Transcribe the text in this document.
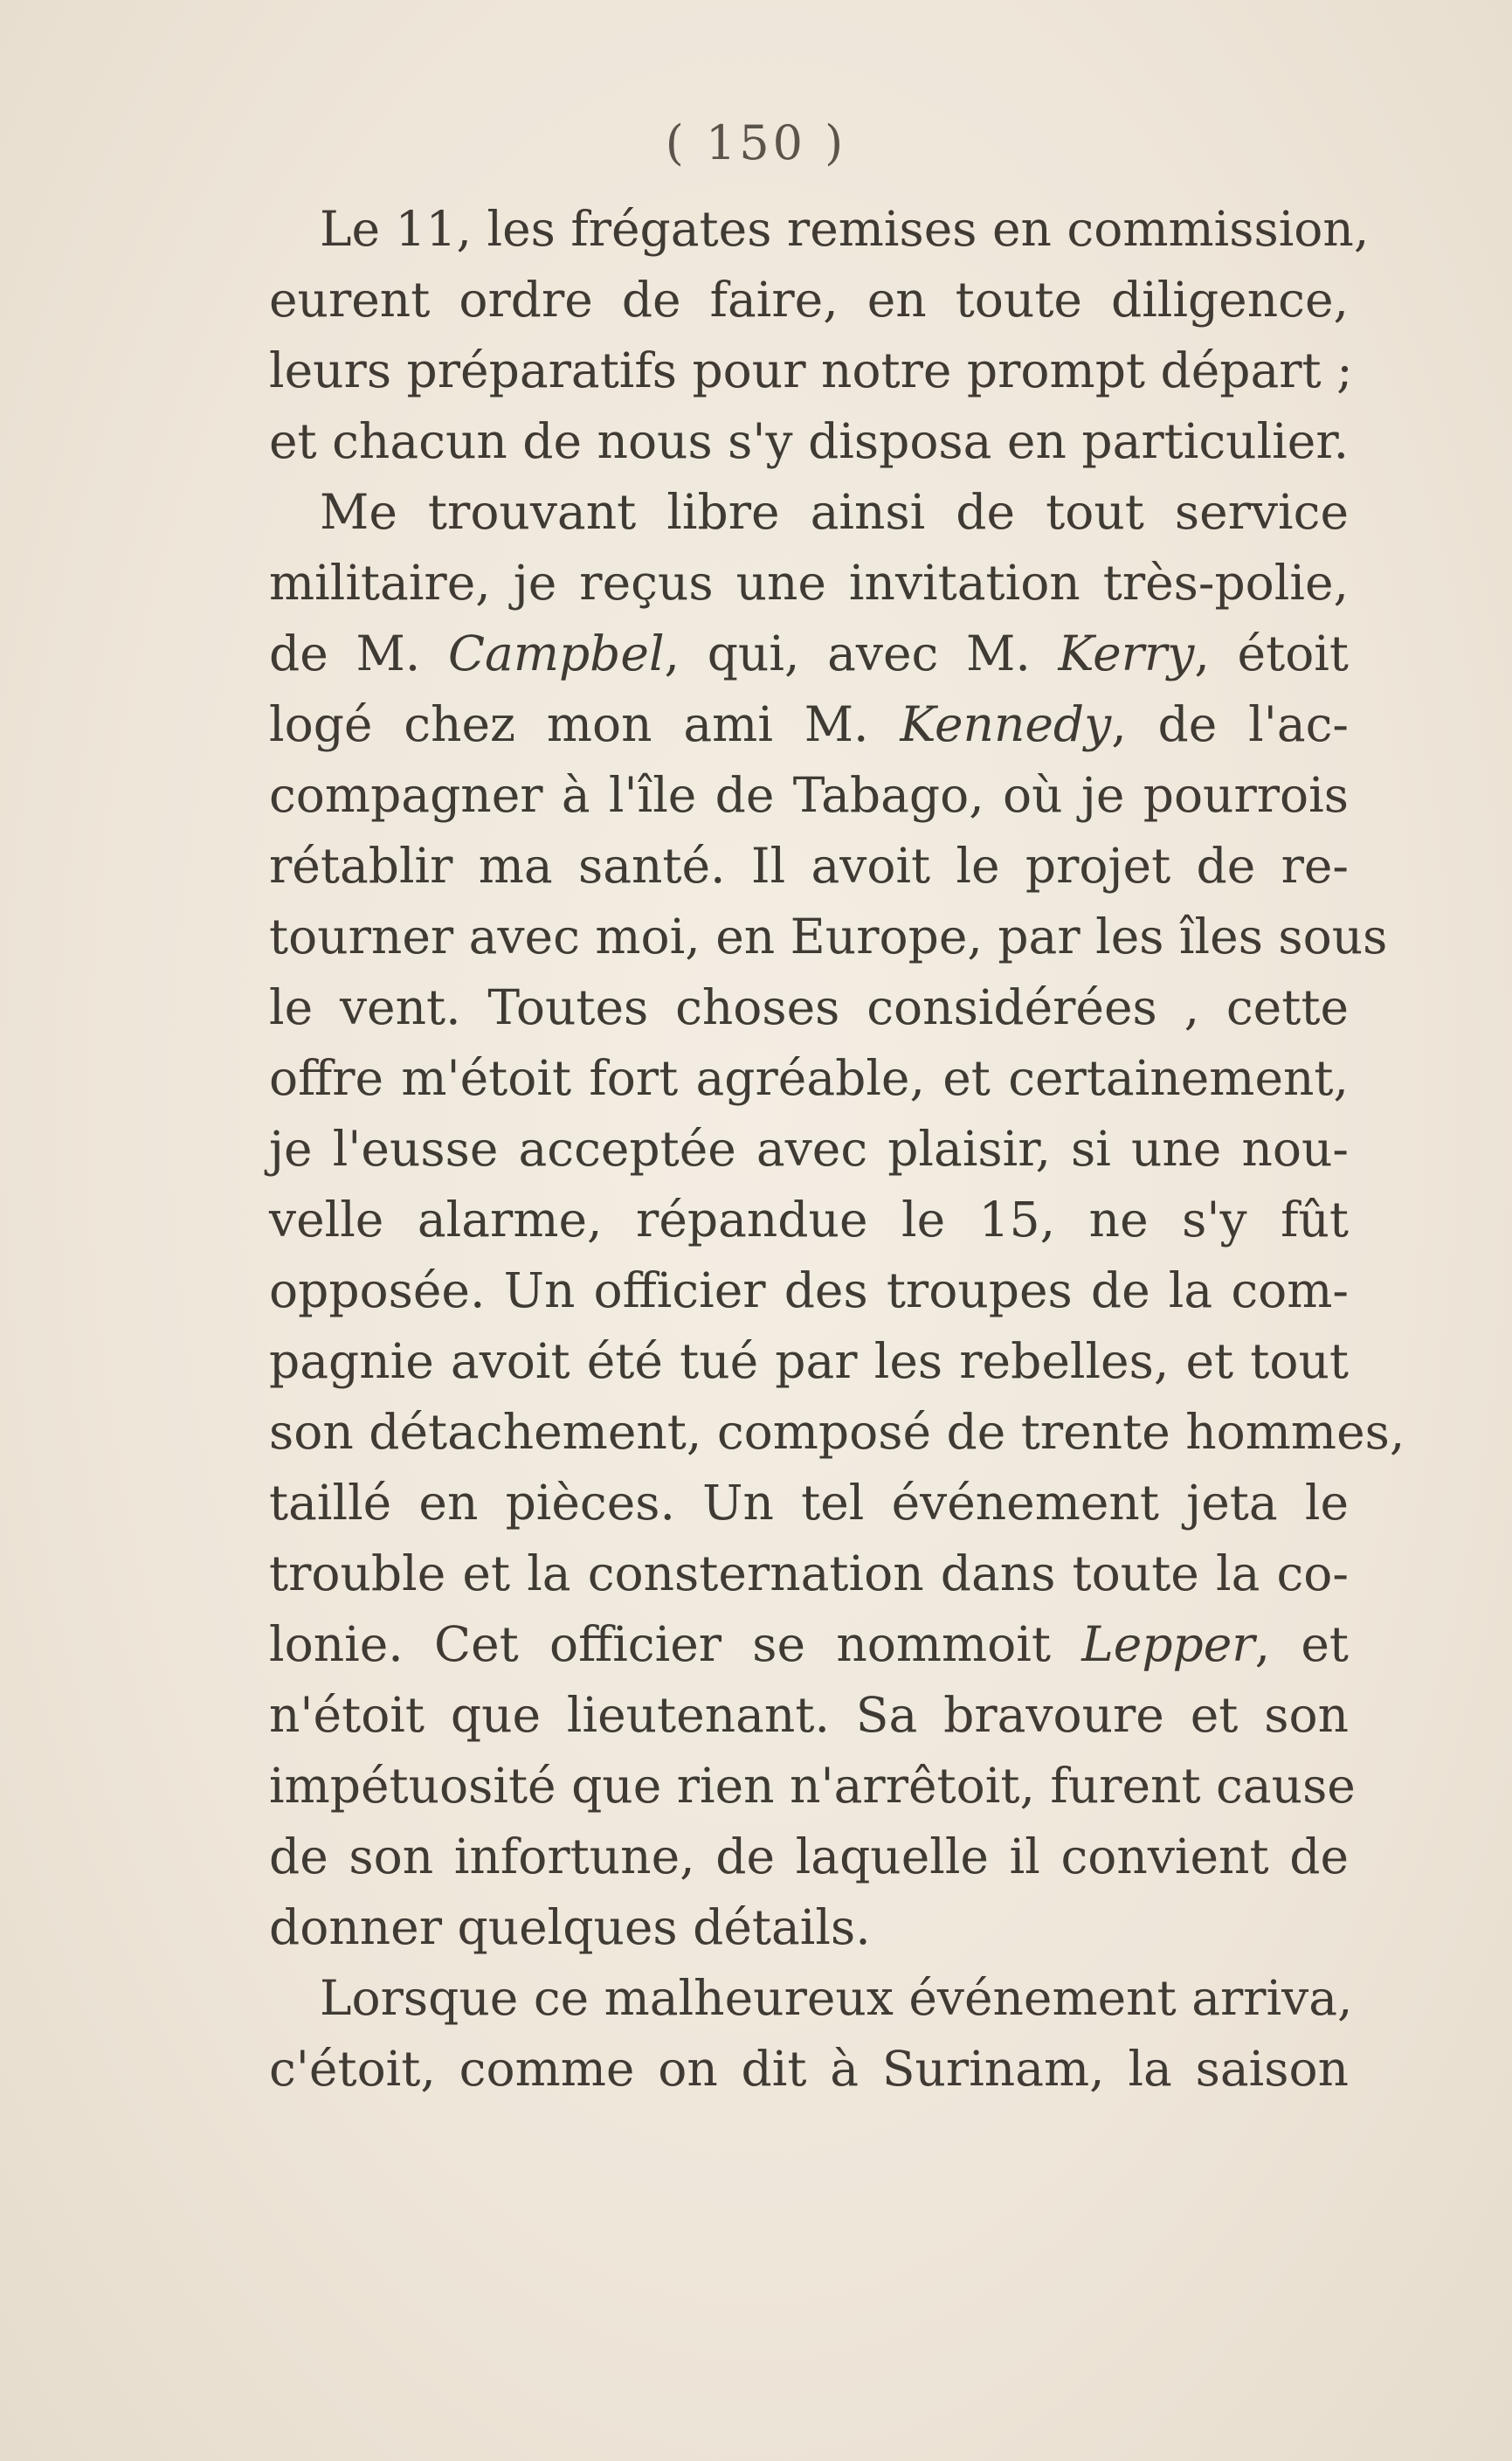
( 150 )
Le 11, les frégates remises en commission,
eurent ordre de faire, en toute diligence,
leurs préparatifs pour notre prompt départ ;
et chacun de nous s'y disposa en particulier.
Me trouvant libre ainsi de tout service
militaire, je reçus une invitation très-polie,
de M. Campbel, qui, avec M. Kerry, étoit
logé chez mon ami M. Kennedy, de l'ac-
compagner à l'île de Tabago, où je pourrois
rétablir ma santé. Il avoit le projet de re-
tourner avec moi, en Europe, par les îles sous
le vent. Toutes choses considérées , cette
offre m'étoit fort agréable, et certainement,
je l'eusse acceptée avec plaisir, si une nou-
velle alarme, répandue le 15, ne s'y fût
opposée. Un officier des troupes de la com-
pagnie avoit été tué par les rebelles, et tout
son détachement, composé de trente hommes,
taillé en pièces. Un tel événement jeta le
trouble et la consternation dans toute la co-
lonie. Cet officier se nommoit Lepper, et
n'étoit que lieutenant. Sa bravoure et son
impétuosité que rien n'arrêtoit, furent cause
de son infortune, de laquelle il convient de
donner quelques détails.
Lorsque ce malheureux événement arriva,
c'étoit, comme on dit à Surinam, la saison
